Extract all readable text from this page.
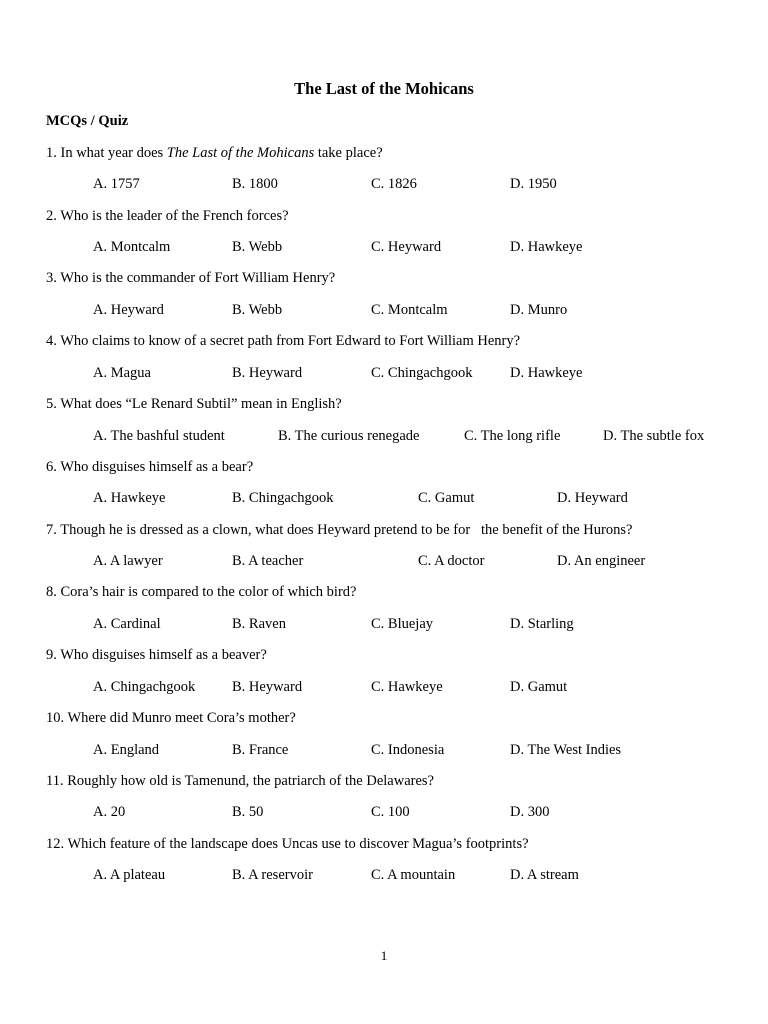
The Last of the Mohicans
MCQs / Quiz
1. In what year does The Last of the Mohicans take place?
A. 1757	B. 1800	C. 1826	D. 1950
2. Who is the leader of the French forces?
A. Montcalm	B. Webb	C. Heyward	D. Hawkeye
3. Who is the commander of Fort William Henry?
A. Heyward	B. Webb	C. Montcalm	D. Munro
4. Who claims to know of a secret path from Fort Edward to Fort William Henry?
A. Magua	B. Heyward	C. Chingachgook	D. Hawkeye
5. What does “Le Renard Subtil” mean in English?
A. The bashful student	B. The curious renegade	C. The long rifle	D. The subtle fox
6. Who disguises himself as a bear?
A. Hawkeye	B. Chingachgook	C. Gamut	D. Heyward
7. Though he is dressed as a clown, what does Heyward pretend to be for   the benefit of the Hurons?
A. A lawyer	B. A teacher	C. A doctor	D. An engineer
8. Cora’s hair is compared to the color of which bird?
A. Cardinal	B. Raven	C. Bluejay	D. Starling
9. Who disguises himself as a beaver?
A. Chingachgook	B. Heyward	C. Hawkeye	D. Gamut
10. Where did Munro meet Cora’s mother?
A. England	B. France	C. Indonesia	D. The West Indies
11. Roughly how old is Tamenund, the patriarch of the Delawares?
A. 20	B. 50	C. 100	D. 300
12. Which feature of the landscape does Uncas use to discover Magua’s footprints?
A. A plateau	B. A reservoir	C. A mountain	D. A stream
1
